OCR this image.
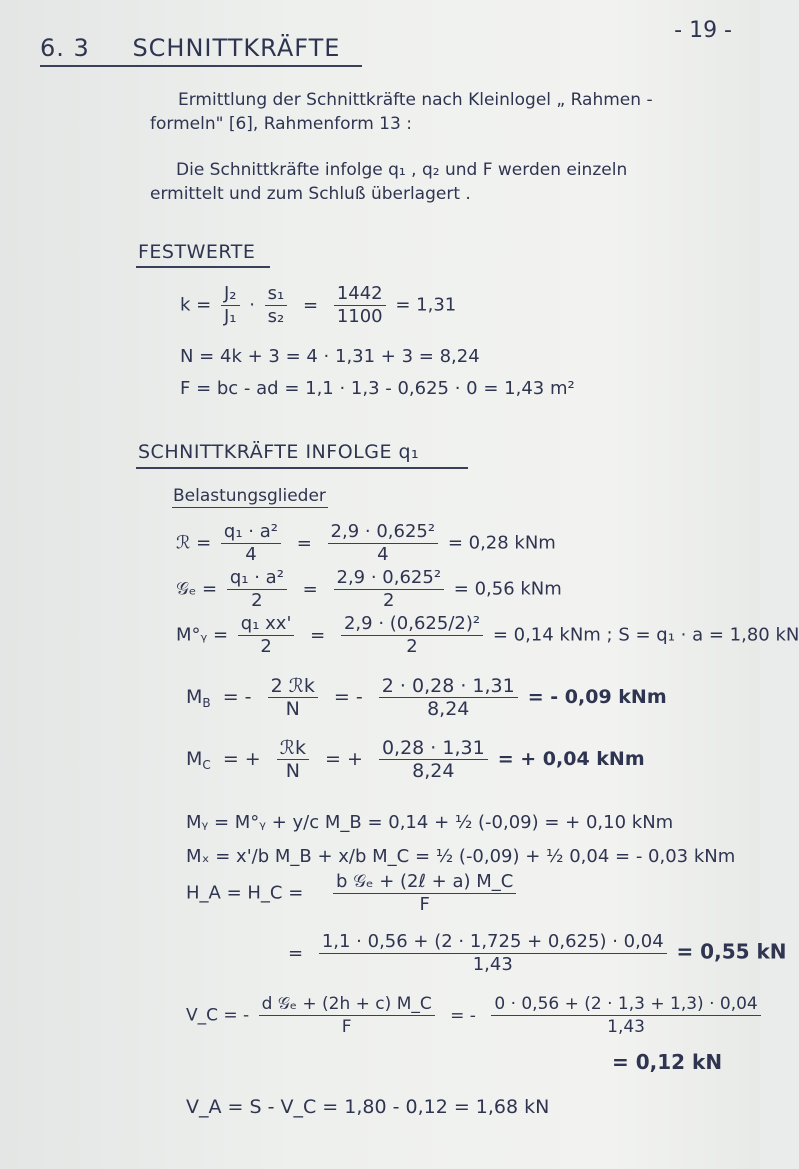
- 19 -
6. 3 SCHNITTKRÄFTE
Ermittlung der Schnittkräfte nach Kleinlogel „ Rahmen -
formeln" [6], Rahmenform 13 :
Die Schnittkräfte infolge q₁ , q₂ und F werden einzeln
ermittelt und zum Schluß überlagert .
FESTWERTE
$k = \frac{\text{J₂}}{\text{J₁}} \cdot \frac{\text{s₁}}{\text{s₂}} = \frac{1442}{1100} = 1,31$
N = 4k + 3 = 4 · 1,31 + 3 = 8,24
F = bc - ad = 1,1 · 1,3 - 0,625 · 0 = 1,43 m²
SCHNITTKRÄFTE INFOLGE q₁
Belastungsglieder
ℛ = $\frac{\text{q₁ · a²}}{4} = \frac{\text{2,9 · 0,625²}}{4} = 0,28$ kNm
𝒢ₑ = $\frac{\text{q₁ · a²}}{2} = \frac{\text{2,9 · 0,625²}}{2} = 0,56$ kNm
M°ᵧ = $\frac{\text{q₁ xx'}}{2} = \frac{\text{2,9 · (0,625/2)²}}{2} = 0,14$ kNm ; S = q₁ · a = 1,80 kN
$M_B$ = - $\frac{\text{2 ℛk}}{N}$ = - $\frac{2 \cdot 0,28 \cdot 1,31}{8,24}$ = - 0,09 kNm
$M_C$ = + $\frac{\text{ℛk}}{N}$ = + $\frac{0,28 \cdot 1,31}{8,24}$ = + 0,04 kNm
Mᵧ = M°ᵧ + y/c M_B = 0,14 + ½ (-0,09) = + 0,10 kNm
Mₓ = x'/b M_B + x/b M_C = ½ (-0,09) + ½ 0,04 = - 0,03 kNm
H_A = H_C = $\frac{\text{b 𝒢ₑ + (2ℓ + a) M\_C}}{F}$
= $\frac{1,1 \cdot 0,56 + (2 \cdot 1,725 + 0,625) \cdot 0,04}{1,43} = 0,55$ kN
V_C = - $\frac{\text{d 𝒢ₑ + (2h + c) M\_C}}{F}$ = - $\frac{0 \cdot 0,56 + (2 \cdot 1,3 + 1,3) \cdot 0,04}{1,43}$
= 0,12 kN
V_A = S - V_C = 1,80 - 0,12 = 1,68 kN
